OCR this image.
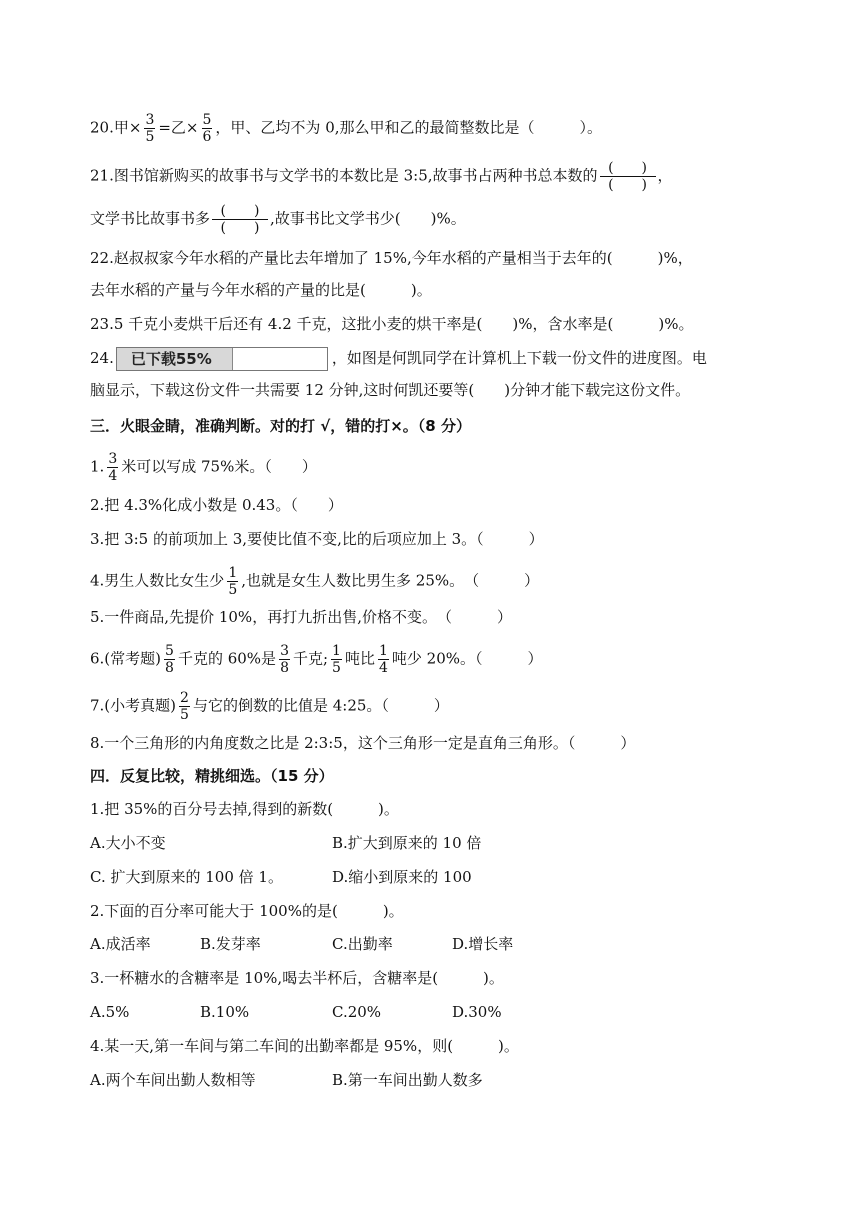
20.甲× $\frac{3}{5}$ =乙× $\frac{5}{6}$ ，甲、乙均不为 0,那么甲和乙的最简整数比是（　　　）。
21.图书馆新购买的故事书与文学书的本数比是 3:5,故事书占两种书总本数的 (　　)
(　　)
，
文学书比故事书多 (　　)
(　　)
,故事书比文学书少(　　)%。
22.赵叔叔家今年水稻的产量比去年增加了 15%,今年水稻的产量相当于去年的(　　　)%，
去年水稻的产量与今年水稻的产量的比是(　　　)。
23.5 千克小麦烘干后还有 4.2 千克，这批小麦的烘干率是(　　)%，含水率是(　　　)%。
24. 已下载55%	，如图是何凯同学在计算机上下载一份文件的进度图。电
脑显示，下载这份文件一共需要 12 分钟,这时何凯还要等(　　)分钟才能下载完这份文件。
三．火眼金睛，准确判断。对的打 √，错的打×。（8 分）
1. $\frac{3}{4}$ 米可以写成 75%米。（　　）
2.把 4.3%化成小数是 0.43。（　　）
3.把 3:5 的前项加上 3,要使比值不变,比的后项应加上 3。（　　　）
4.男生人数比女生少 $\frac{1}{5}$ ,也就是女生人数比男生多 25%。　（　　　）
5.一件商品,先提价 10%，再打九折出售,价格不变。　（　　　）
6.(常考题) $\frac{5}{8}$ 千克的 60%是 $\frac{3}{8}$ 千克; $\frac{1}{5}$ 吨比 $\frac{1}{4}$ 吨少 20%。（　　　）
7.(小考真题) $\frac{2}{5}$ 与它的倒数的比值是 4:25。（　　　）
8.一个三角形的内角度数之比是 2:3:5，这个三角形一定是直角三角形。（　　　）
四．反复比较，精挑细选。（15 分）
1.把 35%的百分号去掉,得到的新数(　　　)。
A.大小不变	B.扩大到原来的 10 倍
C. 扩大到原来的 100 倍 1。	D.缩小到原来的 100
2.下面的百分率可能大于 100%的是(　　　)。
A.成活率	B.发芽率	C.出勤率	D.增长率
3.一杯糖水的含糖率是 10%,喝去半杯后，含糖率是(　　　)。
A.5%	B.10%	C.20%	D.30%
4.某一天,第一车间与第二车间的出勤率都是 95%，则(　　　)。
A.两个车间出勤人数相等	B.第一车间出勤人数多
